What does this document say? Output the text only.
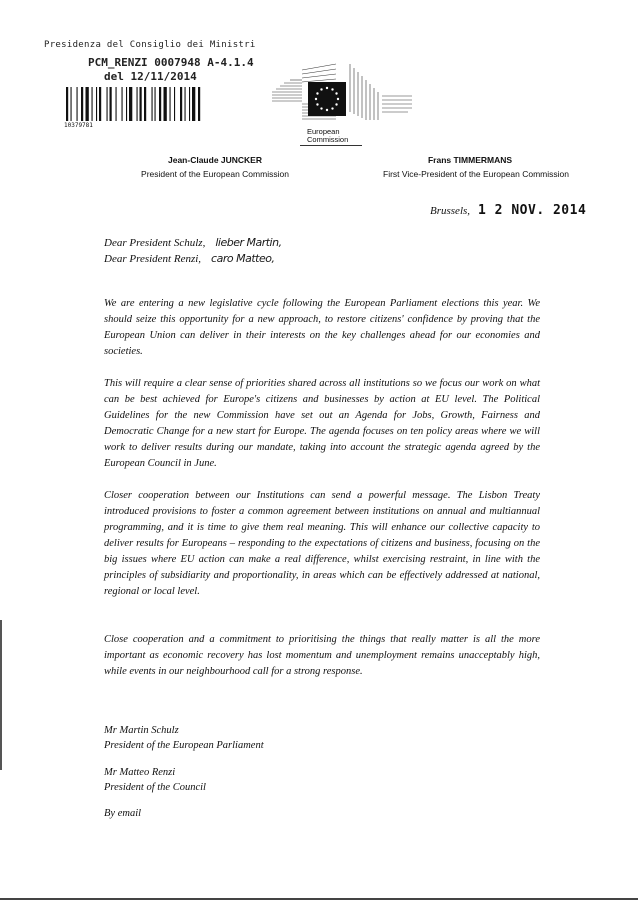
Presidenza del Consiglio dei Ministri
PCM_RENZI 0007948 A-4.1.4
del 12/11/2014
10379781
European
Commission
Jean-Claude JUNCKER
President of the European Commission
Frans TIMMERMANS
First Vice-President of the European Commission
Brussels, 1 2 NOV. 2014
Dear President Schulz, lieber Martin,
Dear President Renzi, caro Matteo,

We are entering a new legislative cycle following the European Parliament elections this year. We should seize this opportunity for a new approach, to restore citizens' confidence by proving that the European Union can deliver in their interests on the key challenges ahead for our economies and societies.

This will require a clear sense of priorities shared across all institutions so we focus our work on what can be best achieved for Europe's citizens and businesses by action at EU level. The Political Guidelines for the new Commission have set out an Agenda for Jobs, Growth, Fairness and Democratic Change for a new start for Europe. The agenda focuses on ten policy areas where we will work to deliver results during our mandate, taking into account the strategic agenda agreed by the European Council in June.

Closer cooperation between our Institutions can send a powerful message. The Lisbon Treaty introduced provisions to foster a common agreement between institutions on annual and multiannual programming, and it is time to give them real meaning. This will enhance our collective capacity to deliver results for Europeans – responding to the expectations of citizens and business, focusing on the big issues where EU action can make a real difference, whilst exercising restraint, in line with the principles of subsidiarity and proportionality, in areas which can be effectively addressed at national, regional or local level.

Close cooperation and a commitment to prioritising the things that really matter is all the more important as economic recovery has lost momentum and unemployment remains unacceptably high, while events in our neighbourhood call for a strong response.

Mr Martin Schulz
President of the European Parliament
Mr Matteo Renzi
President of the Council
By email
